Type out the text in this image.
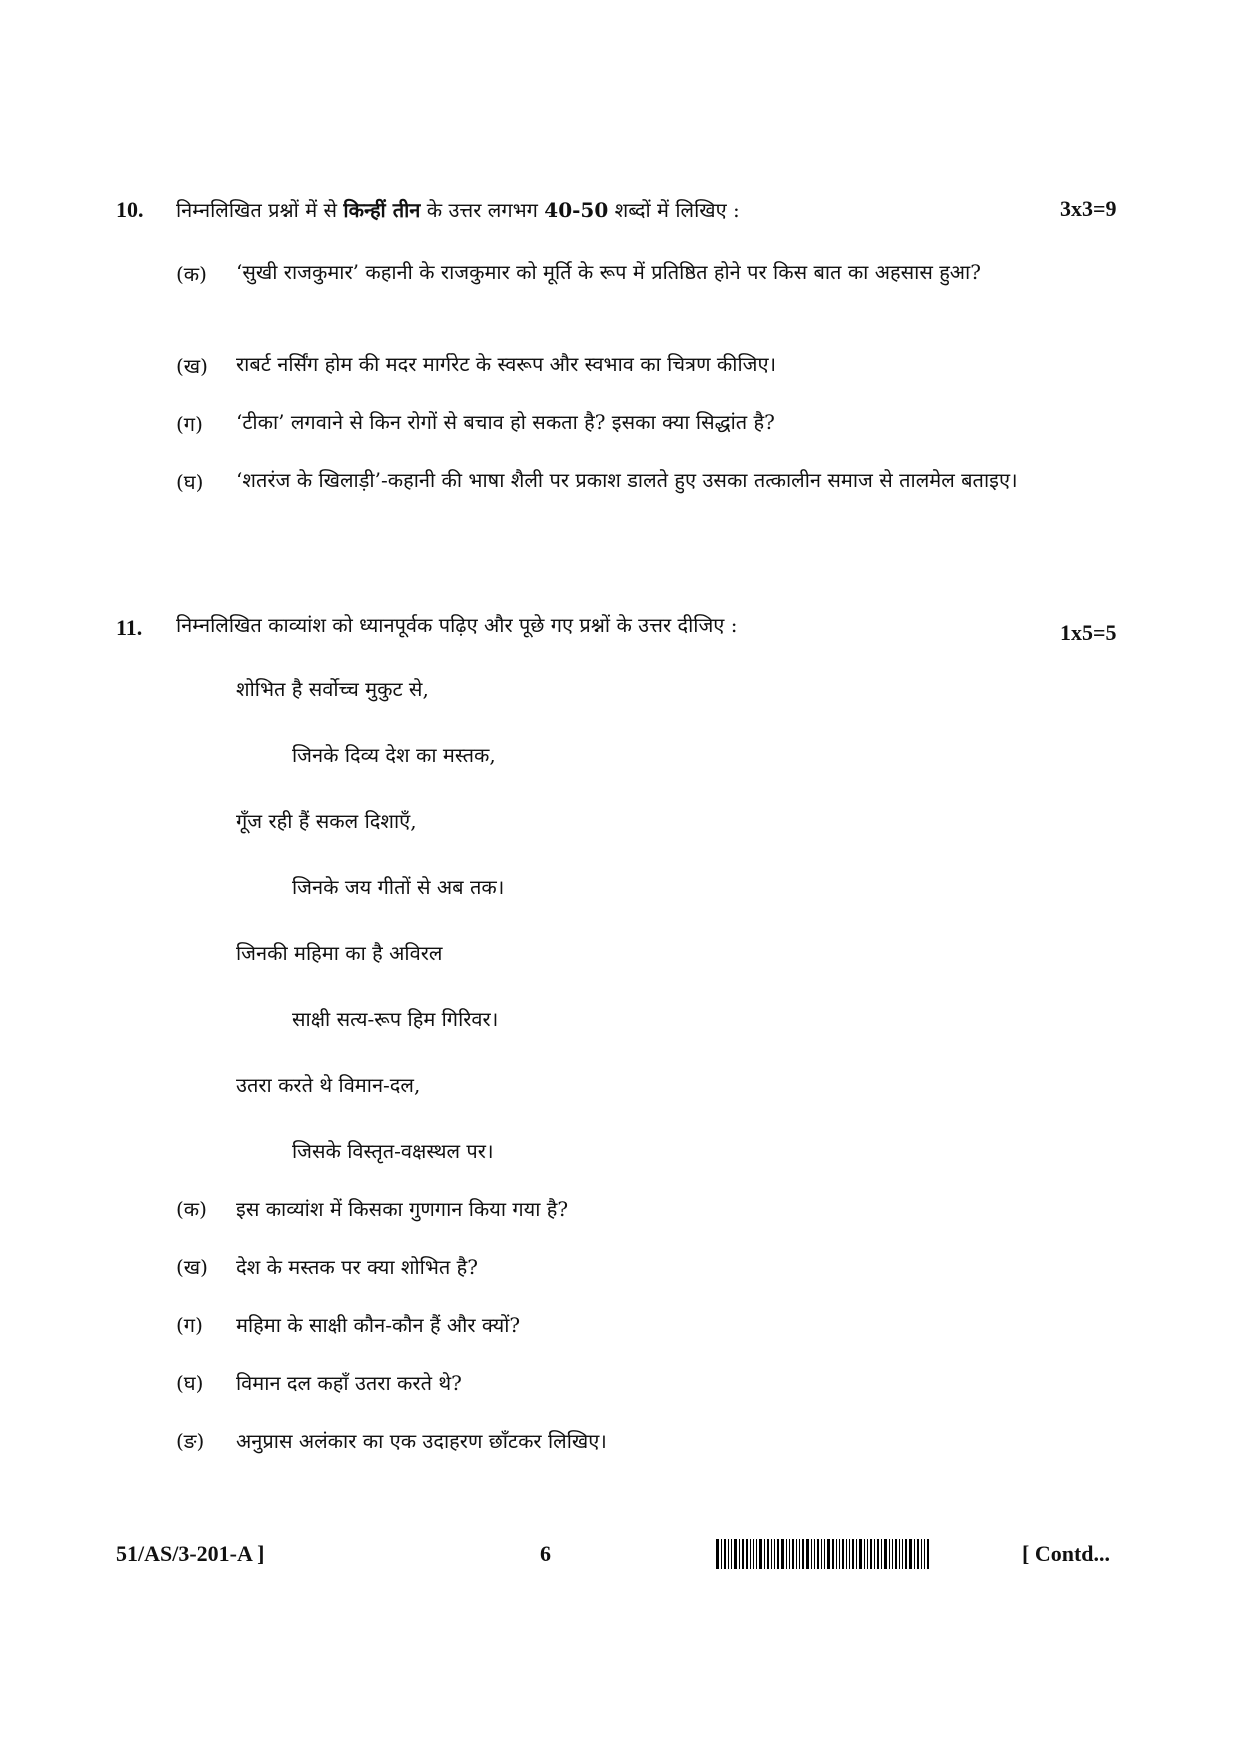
10. निम्नलिखित प्रश्नों में से किन्हीं तीन के उत्तर लगभग 40-50 शब्दों में लिखिए :	3x3=9
(क) ‘सुखी राजकुमार’ कहानी के राजकुमार को मूर्ति के रूप में प्रतिष्ठित होने पर किस बात का अहसास हुआ?
(ख) राबर्ट नर्सिंग होम की मदर मार्गरेट के स्वरूप और स्वभाव का चित्रण कीजिए।
(ग) ‘टीका’ लगवाने से किन रोगों से बचाव हो सकता है? इसका क्या सिद्धांत है?
(घ) ‘शतरंज के खिलाड़ी’-कहानी की भाषा शैली पर प्रकाश डालते हुए उसका तत्कालीन समाज से तालमेल बताइए।
11. निम्नलिखित काव्यांश को ध्यानपूर्वक पढ़िए और पूछे गए प्रश्नों के उत्तर दीजिए :	1x5=5
शोभित है सर्वोच्च मुकुट से,
जिनके दिव्य देश का मस्तक,
गूँज रही हैं सकल दिशाएँ,
जिनके जय गीतों से अब तक।
जिनकी महिमा का है अविरल
साक्षी सत्य-रूप हिम गिरिवर।
उतरा करते थे विमान-दल,
जिसके विस्तृत-वक्षस्थल पर।
(क) इस काव्यांश में किसका गुणगान किया गया है?
(ख) देश के मस्तक पर क्या शोभित है?
(ग) महिमा के साक्षी कौन-कौन हैं और क्यों?
(घ) विमान दल कहाँ उतरा करते थे?
(ङ) अनुप्रास अलंकार का एक उदाहरण छाँटकर लिखिए।
51/AS/3-201-A ]	6	[ Contd...
